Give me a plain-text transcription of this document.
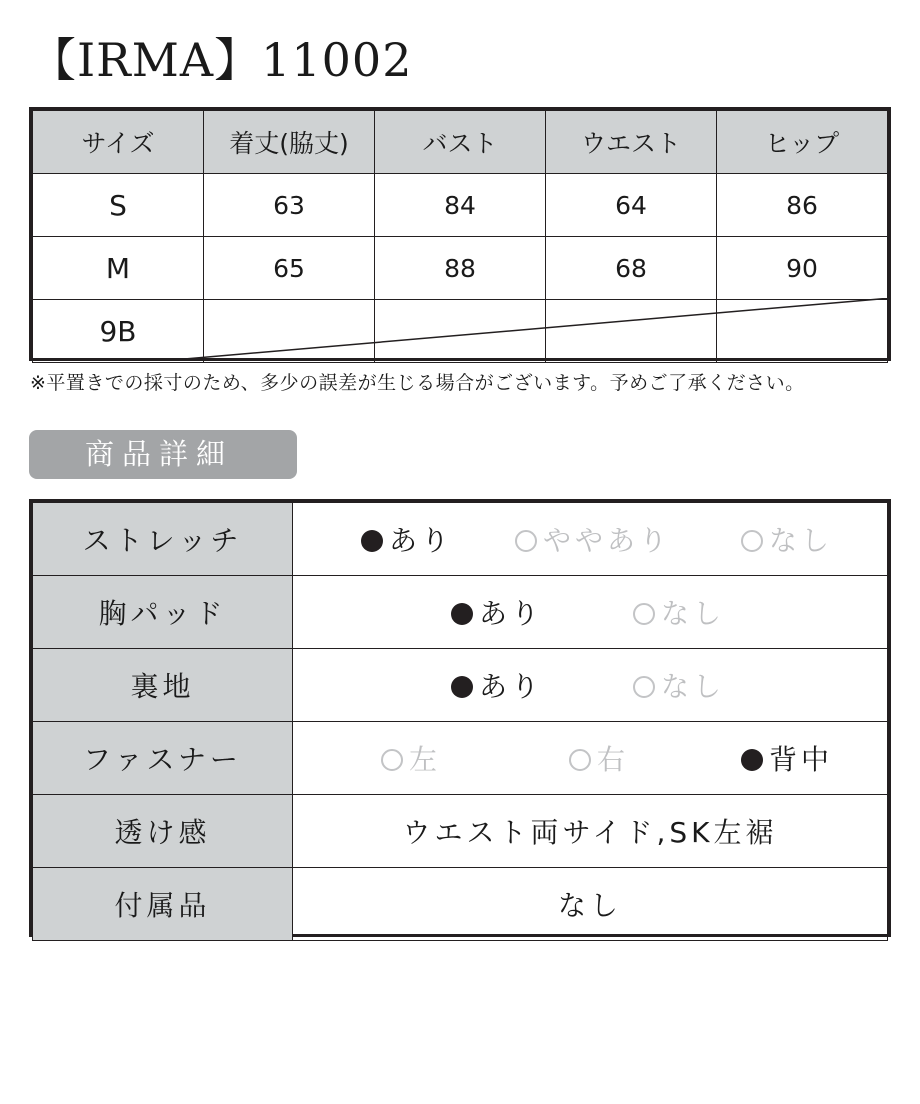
【IRMA】11002
サイズ	着丈(脇丈)	バスト	ウエスト	ヒップ
S	63	84	64	86
M	65	88	68	90
9B				
※平置きでの採寸のため、多少の誤差が生じる場合がございます。予めご了承ください。
商品詳細
ストレッチ	あり ややあり なし

胸パッド	あり なし

裏地	あり なし

ファスナー	左 右 背中

透け感	ウエスト両サイド,SK左裾
付属品	なし
